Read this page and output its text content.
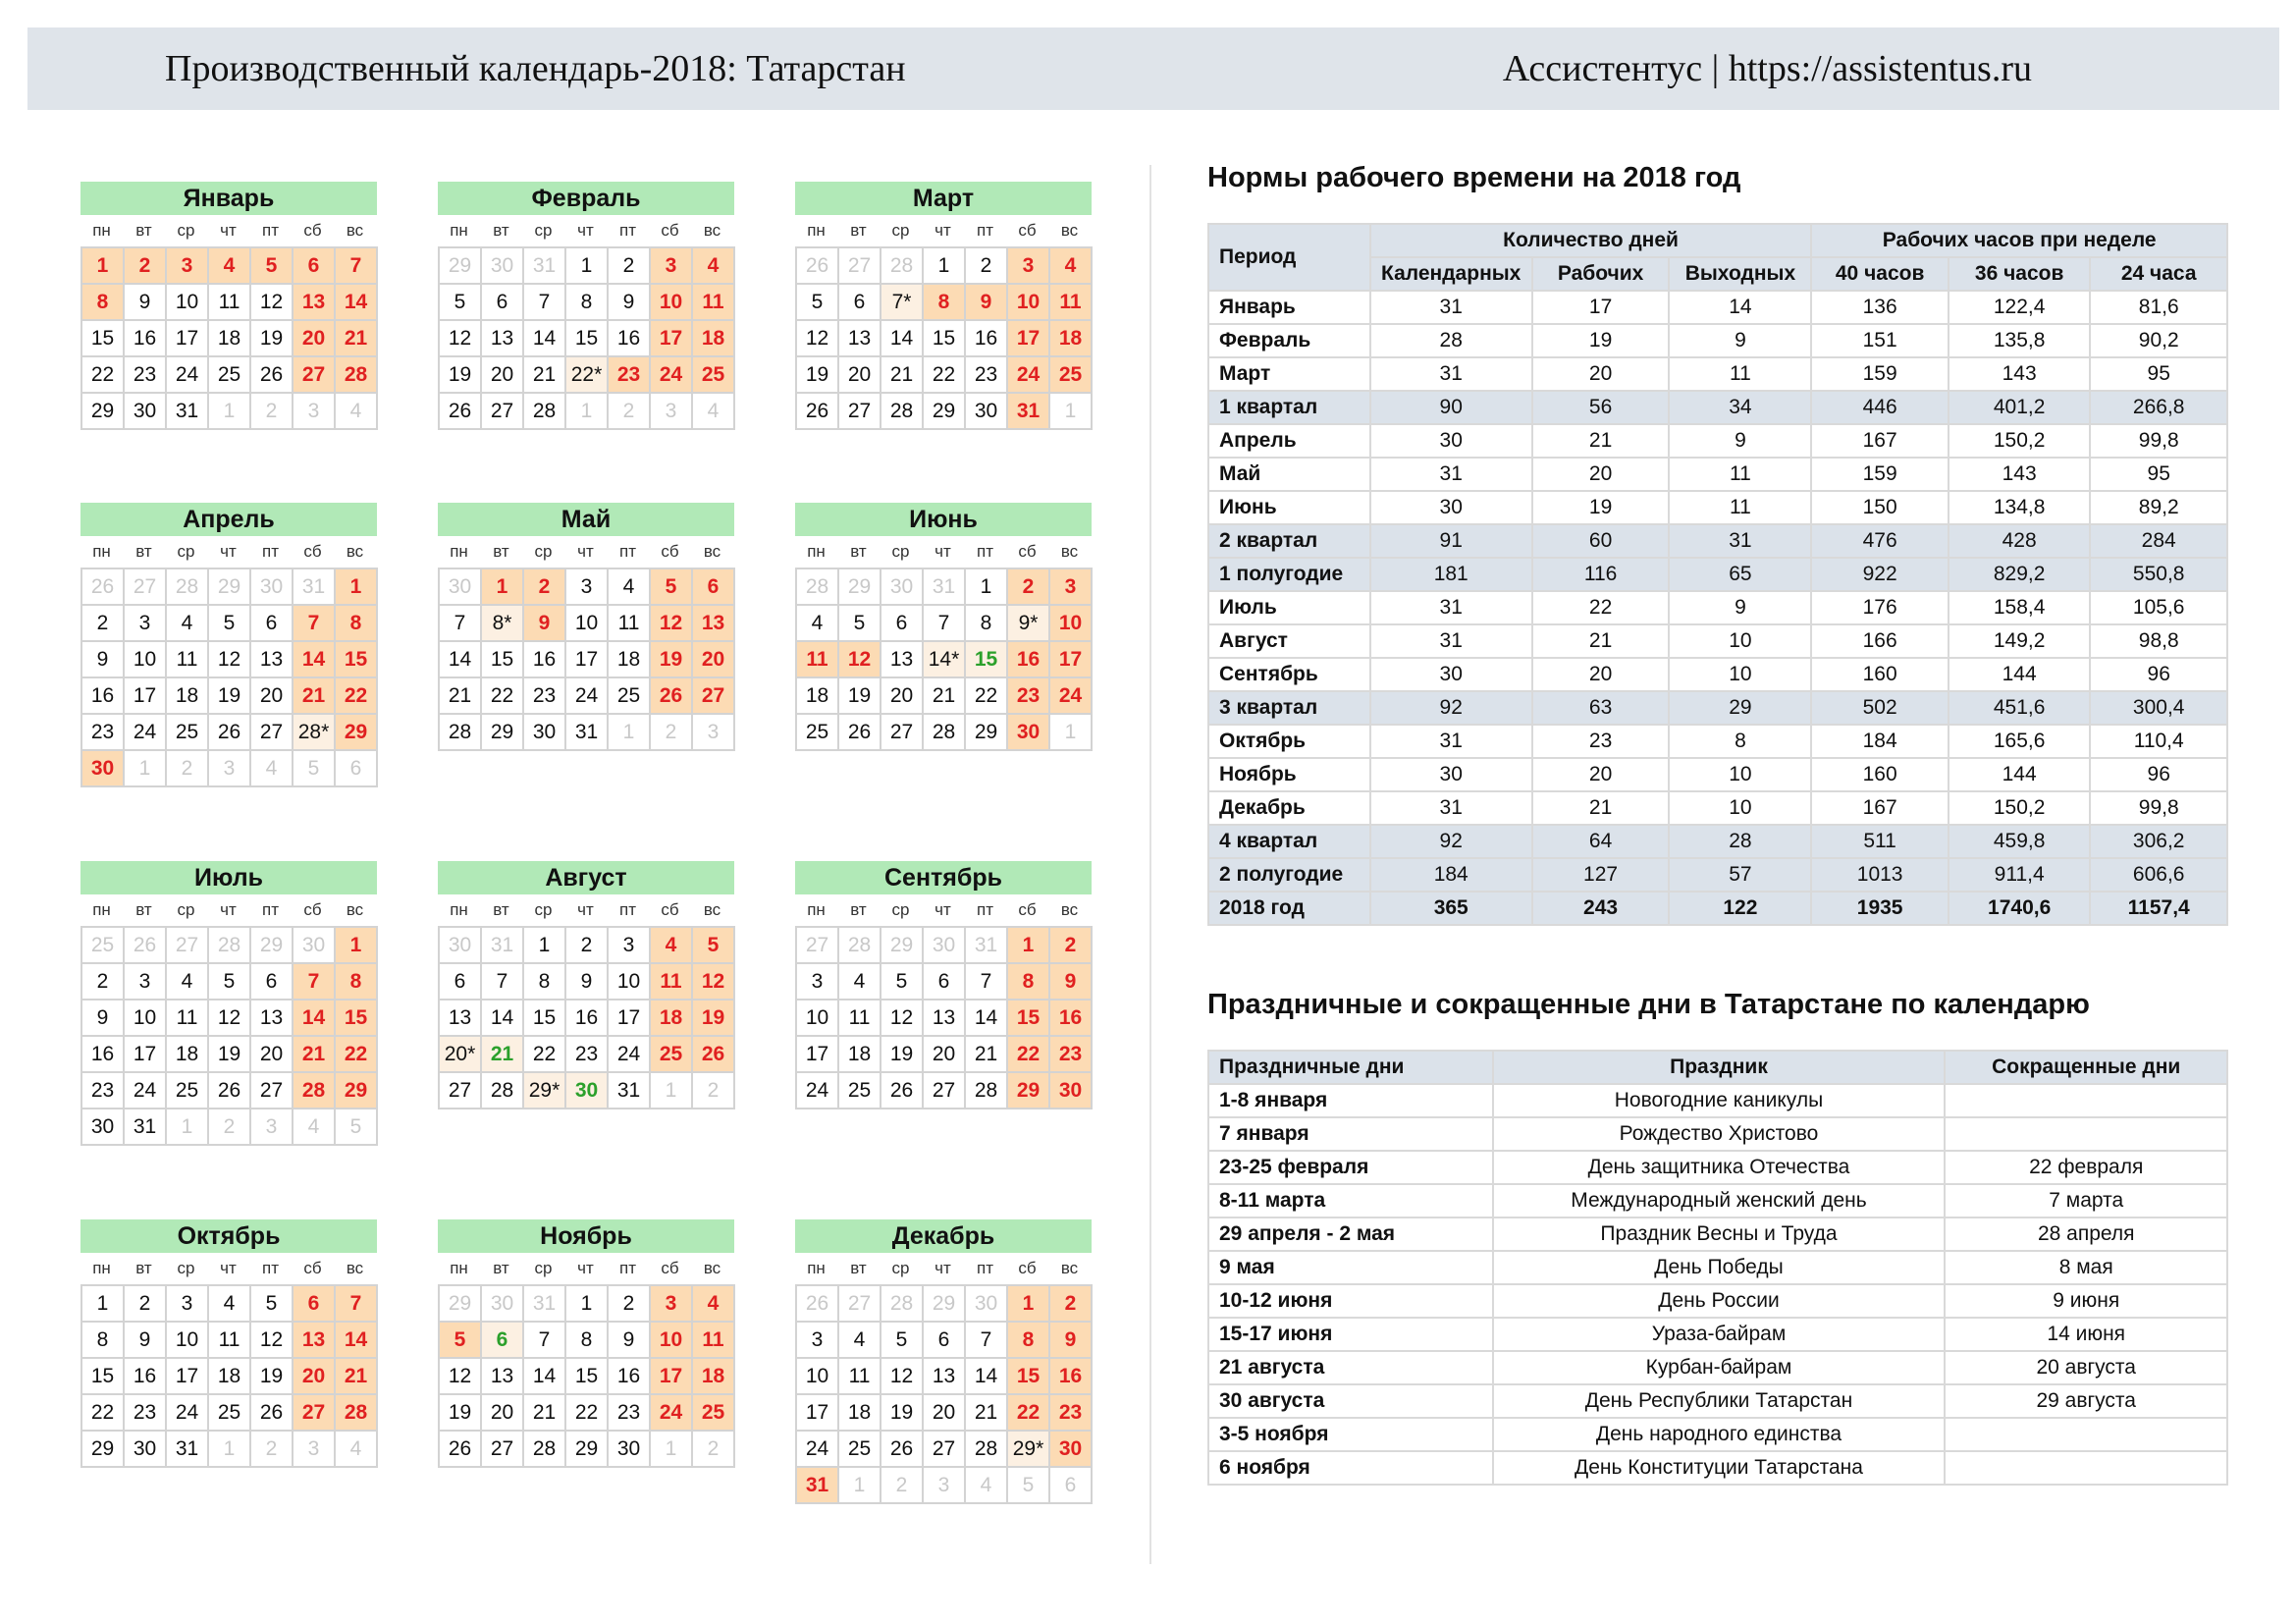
Производственный календарь-2018: Татарстан	Ассистентус | https://assistentus.ru
Январь
пн	вт	ср	чт	пт	сб	вс
1	2	3	4	5	6	7
8	9	10 11 12 13 14
15 16 17 18 19 20 21
22 23 24 25 26 27 28
29 30 31	1	2	3	4
Февраль
пн	вт	ср	чт	пт	сб	вс
29 30 31	1	2	3	4
5	6	7	8	9	10 11
12 13 14 15 16 17 18
19 20 21 22* 23 24 25
26 27 28	1	2	3	4
Март
пн	вт	ср	чт	пт	сб	вс
26 27 28	1	2	3	4
5	6	7*	8	9	10 11
12 13 14 15 16 17 18
19 20 21 22 23 24 25
26 27 28 29 30 31	1
Апрель
пн	вт	ср	чт	пт	сб	вс
26 27 28 29 30 31	1
2	3	4	5	6	7	8
9	10 11 12 13 14 15
16 17 18 19 20 21 22
23 24 25 26 27 28* 29
30	1	2	3	4	5	6
Май
пн	вт	ср	чт	пт	сб	вс
30	1	2	3	4	5	6
7	8*	9	10 11 12 13
14 15 16 17 18 19 20
21 22 23 24 25 26 27
28 29 30 31	1	2	3
Июнь
пн	вт	ср	чт	пт	сб	вс
28 29 30 31	1	2	3
4	5	6	7	8	9*	10
11 12 13 14* 15 16 17
18 19 20 21 22 23 24
25 26 27 28 29 30	1
Июль
пн	вт	ср	чт	пт	сб	вс
25 26 27 28 29 30	1
2	3	4	5	6	7	8
9	10 11 12 13 14 15
16 17 18 19 20 21 22
23 24 25 26 27 28 29
30 31	1	2	3	4	5
Август
пн	вт	ср	чт	пт	сб	вс
30 31	1	2	3	4	5
6	7	8	9	10 11 12
13 14 15 16 17 18 19
20* 21 22 23 24 25 26
27 28 29* 30 31	1	2
Сентябрь
пн	вт	ср	чт	пт	сб	вс
27 28 29 30 31	1	2
3	4	5	6	7	8	9
10 11 12 13 14 15 16
17 18 19 20 21 22 23
24 25 26 27 28 29 30
Октябрь
пн	вт	ср	чт	пт	сб	вс
1	2	3	4	5	6	7
8	9	10 11 12 13 14
15 16 17 18 19 20 21
22 23 24 25 26 27 28
29 30 31	1	2	3	4
Ноябрь
пн	вт	ср	чт	пт	сб	вс
29 30 31	1	2	3	4
5	6	7	8	9	10 11
12 13 14 15 16 17 18
19 20 21 22 23 24 25
26 27 28 29 30	1	2
Декабрь
пн	вт	ср	чт	пт	сб	вс
26 27 28 29 30	1	2
3	4	5	6	7	8	9
10 11 12 13 14 15 16
17 18 19 20 21 22 23
24 25 26 27 28 29* 30
31	1	2	3	4	5	6
Нормы рабочего времени на 2018 год
Период	Количество дней			Рабочих часов при неделе		
	Календарных	Рабочих	Выходных	40 часов	36 часов	24 часа
Январь	31	17	14	136	122,4	81,6
Февраль	28	19	9	151	135,8	90,2
Март	31	20	11	159	143	95
1 квартал	90	56	34	446	401,2	266,8
Апрель	30	21	9	167	150,2	99,8
Май	31	20	11	159	143	95
Июнь	30	19	11	150	134,8	89,2
2 квартал	91	60	31	476	428	284
1 полугодие	181	116	65	922	829,2	550,8
Июль	31	22	9	176	158,4	105,6
Август	31	21	10	166	149,2	98,8
Сентябрь	30	20	10	160	144	96
3 квартал	92	63	29	502	451,6	300,4
Октябрь	31	23	8	184	165,6	110,4
Ноябрь	30	20	10	160	144	96
Декабрь	31	21	10	167	150,2	99,8
4 квартал	92	64	28	511	459,8	306,2
2 полугодие	184	127	57	1013	911,4	606,6
2018 год	365	243	122	1935	1740,6	1157,4
Праздничные и сокращенные дни в Татарстане по календарю
Праздничные дни	Праздник	Сокращенные дни
1-8 января	Новогодние каникулы	
7 января	Рождество Христово	
23-25 февраля	День защитника Отечества	22 февраля
8-11 марта	Международный женский день	7 марта
29 апреля - 2 мая	Праздник Весны и Труда	28 апреля
9 мая	День Победы	8 мая
10-12 июня	День России	9 июня
15-17 июня	Ураза-байрам	14 июня
21 августа	Курбан-байрам	20 августа
30 августа	День Республики Татарстан	29 августа
3-5 ноября	День народного единства	
6 ноября	День Конституции Татарстана	
